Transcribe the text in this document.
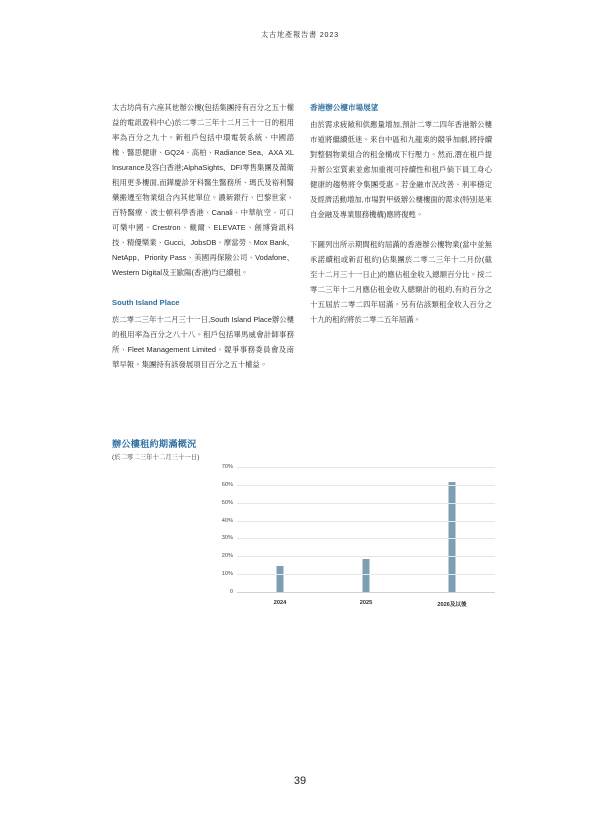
太古地產報告書 2023

太古坊尚有六座其他辦公樓(包括集團持有百分之五十權益的電訊盈科中心)於二零二三年十二月三十一日的租用率為百分之九十。新租戶包括中環電裝系統、中國諮橡、醫思健康、GQ24、高柏、Radiance Sea、AXA XL Insurance及容白香港;AlphaSights、DFI零售集團及萳衛租用更多樓面,而鏵慶診牙科醫生醫務所、瑪氏及裕利醫藥搬遷至物業組合內其他單位。濃新銀行、巴黎世家、百特醫療、波士頓科學香港、Canali、中華航空、可口可樂中國、Crestron、戴爾、ELEVATE、創博資訊科技、精優樂業、Gucci、JobsDB、摩當勞、Mox Bank、NetApp、Priority Pass、美國再保險公司、Vodafone、Western Digital及王歐陽(香港)均已續租。

South Island Place

於二零二三年十二月三十一日,South Island Place辦公樓的租用率為百分之八十八。租戶包括畢馬威會計師事務所、Fleet Management Limited、競爭事務委員會及南華早報。集團持有該發展項目百分之五十權益。

香港辦公樓市場展望

由於需求疲敞和供應量增加,預計二零二四年香港辦公樓市道將繼續低迷。來自中區和九龍東的競爭加劇,將持續對整個物業組合的租金構成下行壓力。然而,潛在租戶提升辦公室質素並愈加重視可持續性和租戶倘下員工身心健康的趨勢將令集團受惠。若金融市況改善、利率穩定及經濟活動增加,市場對甲級辦公樓樓面的需求(特別是來自金融及專業服務機構)應將復甦。

下圖列出所示期間租約屆滿的香港辦公樓物業(當中並無承諾續租或新訂租約)佔集團於二零二三年十二月份(截至十二月三十一日止)的應佔租金收入總額百分比。按二零二三年十二月應佔租金收入總額計的租約,有約百分之十五屆於二零二四年屆滿。另有佔該類租金收入百分之十九的租約將於二零二五年屆滿。

辦公樓租約期滿概況

(於二零二三年十二月三十一日)

2024	2025	2026及以後
70%
60%
50%
40%
30%
20%
10%
0
39
